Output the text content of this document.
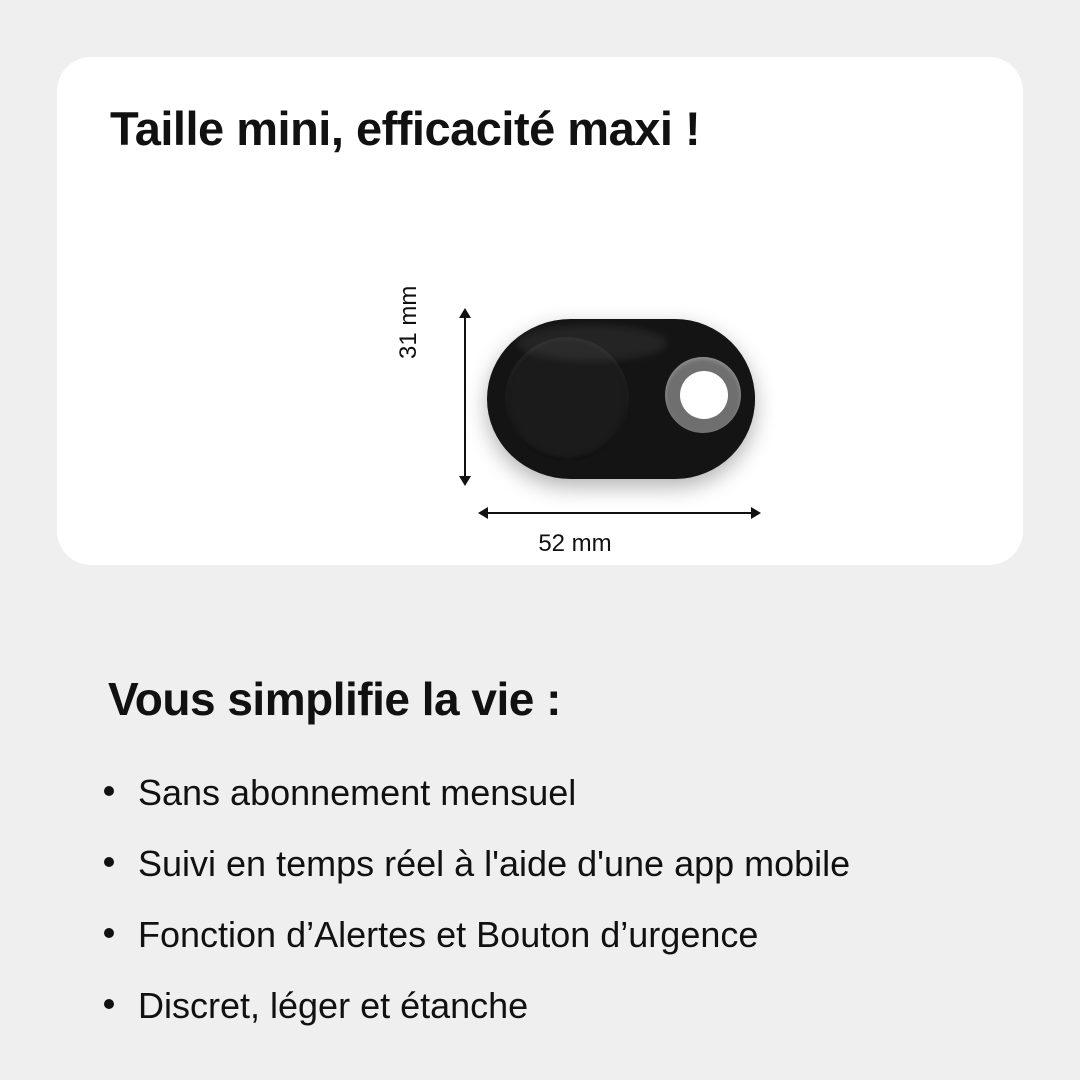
Taille mini, efficacité maxi !
31 mm
52 mm
Vous simplifie la vie :
Sans abonnement mensuel
Suivi en temps réel à l'aide d'une app mobile
Fonction d’Alertes et Bouton d’urgence
Discret, léger et étanche
